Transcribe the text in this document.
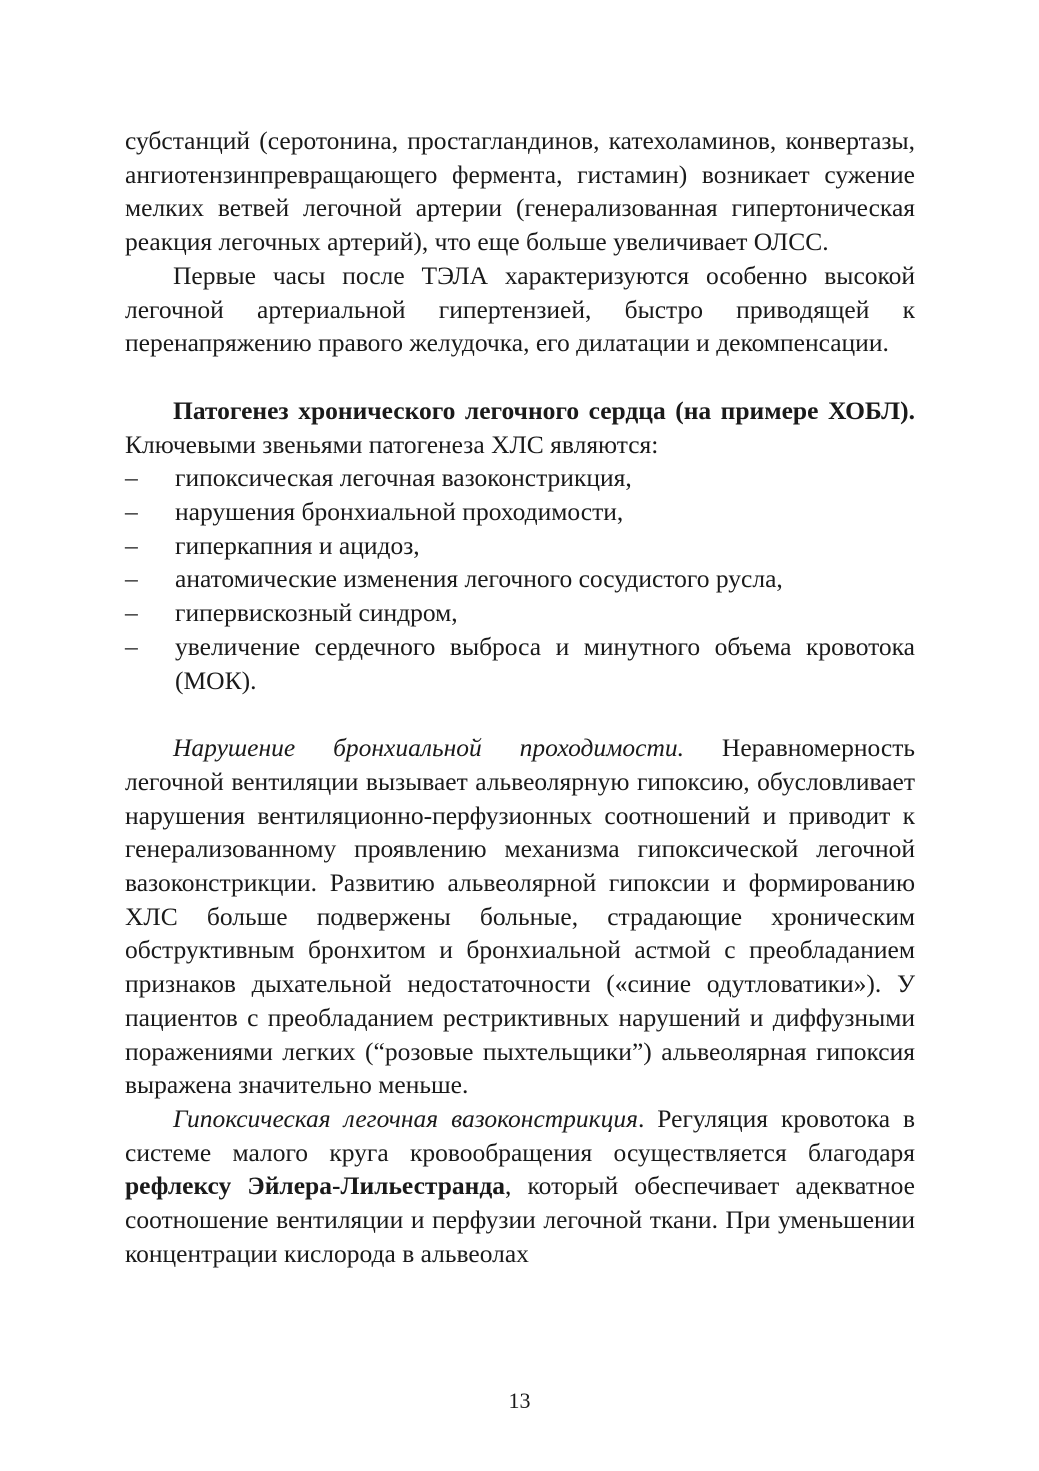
субстанций (серотонина, простагландинов, катехоламинов, конвертазы, ангиотензинпревращающего фермента, гистамин) возникает сужение мелких ветвей легочной артерии (генерализованная гипертоническая реакция легочных артерий), что еще больше увеличивает ОЛСС.

Первые часы после ТЭЛА характеризуются особенно высокой легочной артериальной гипертензией, быстро приводящей к перенапряжению правого желудочка, его дилатации и декомпенсации.

Патогенез хронического легочного сердца (на примере ХОБЛ). Ключевыми звеньями патогенеза ХЛС являются:

– гипоксическая легочная вазоконстрикция,
– нарушения бронхиальной проходимости,
– гиперкапния и ацидоз,
– анатомические изменения легочного сосудистого русла,
– гипервискозный синдром,
– увеличение сердечного выброса и минутного объема кровотока (МОК).

Нарушение бронхиальной проходимости. Неравномерность легочной вентиляции вызывает альвеолярную гипоксию, обусловливает нарушения вентиляционно-перфузионных соотношений и приводит к генерализованному проявлению механизма гипоксической легочной вазоконстрикции. Развитию альвеолярной гипоксии и формированию ХЛС больше подвержены больные, страдающие хроническим обструктивным бронхитом и бронхиальной астмой с преобладанием признаков дыхательной недостаточности («синие одутловатики»). У пациентов с преобладанием рестриктивных нарушений и диффузными поражениями легких (“розовые пыхтельщики”) альвеолярная гипоксия выражена значительно меньше.

Гипоксическая легочная вазоконстрикция. Регуляция кровотока в системе малого круга кровообращения осуществляется благодаря рефлексу Эйлера-Лильестранда, который обеспечивает адекватное соотношение вентиляции и перфузии легочной ткани. При уменьшении концентрации кислорода в альвеолах

13
